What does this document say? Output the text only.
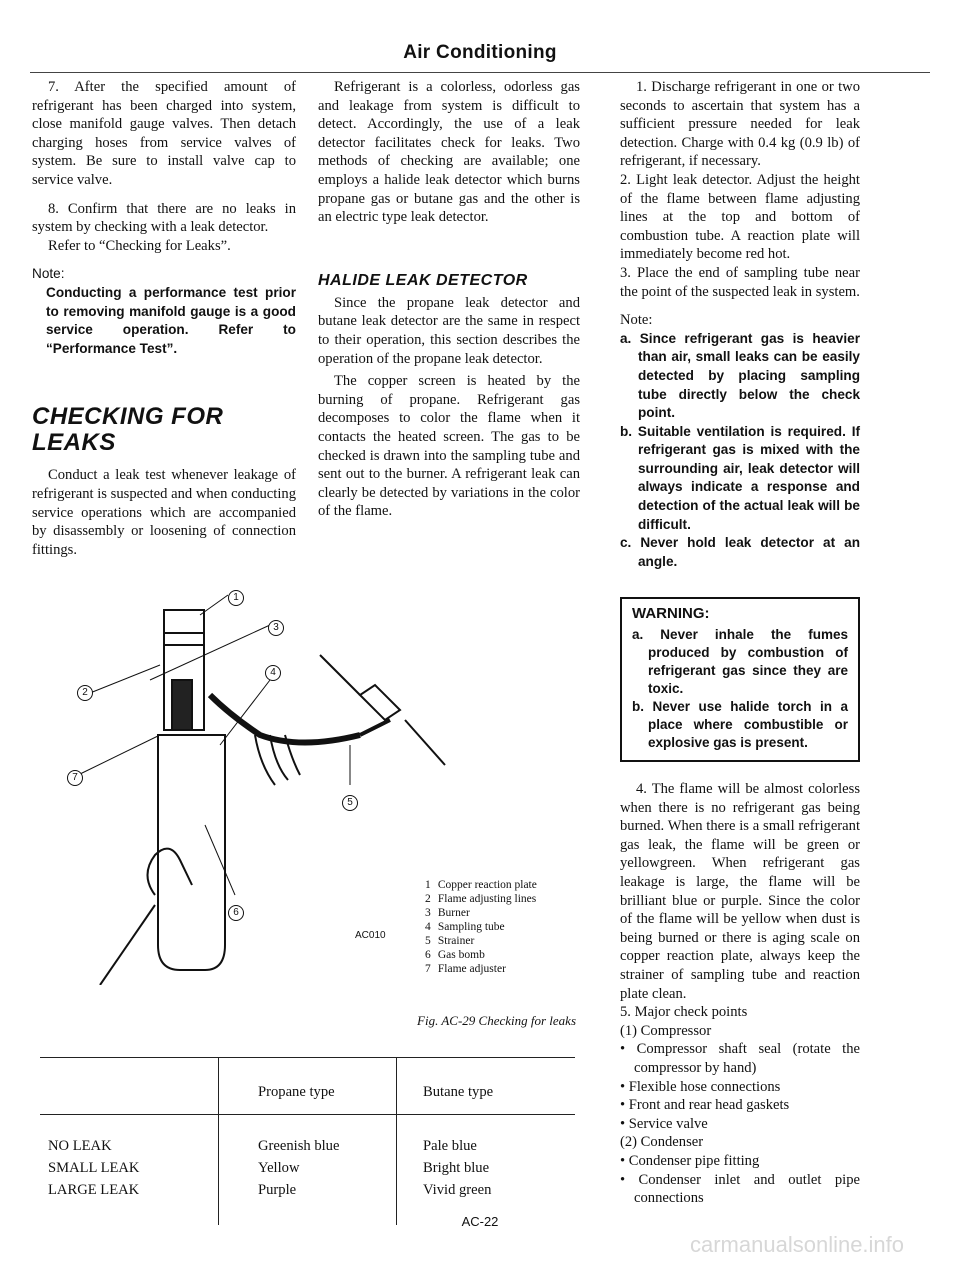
Air Conditioning

7. After the specified amount of refrigerant has been charged into system, close manifold gauge valves. Then detach charging hoses from service valves of system. Be sure to install valve cap to service valve.

8. Confirm that there are no leaks in system by checking with a leak detector.

Refer to “Checking for Leaks”.

Note:
Conducting a performance test prior to removing manifold gauge is a good service operation. Refer to “Performance Test”.
CHECKING FOR
LEAKS

Conduct a leak test whenever leakage of refrigerant is suspected and when conducting service operations which are accompanied by disassembly or loosening of connection fittings.

Refrigerant is a colorless, odorless gas and leakage from system is difficult to detect. Accordingly, the use of a leak detector facilitates check for leaks. Two methods of checking are available; one employs a halide leak detector which burns propane gas or butane gas and the other is an electric type leak detector.

HALIDE LEAK DETECTOR

Since the propane leak detector and butane leak detector are the same in respect to their operation, this section describes the operation of the propane leak detector.

The copper screen is heated by the burning of propane. Refrigerant gas decomposes to color the flame when it contacts the heated screen. The gas to be checked is drawn into the sampling tube and sent out to the burner. A refrigerant leak can clearly be detected by variations in the color of the flame.

1. Discharge refrigerant in one or two seconds to ascertain that system has a sufficient pressure needed for leak detection. Charge with 0.4 kg (0.9 lb) of refrigerant, if necessary.

2. Light leak detector. Adjust the height of the flame between flame adjusting lines at the top and bottom of combustion tube. A reaction plate will immediately become red hot.

3. Place the end of sampling tube near the point of the suspected leak in system.

Note:
a. Since refrigerant gas is heavier than air, small leaks can be easily detected by placing sampling tube directly below the check point.
b. Suitable ventilation is required. If refrigerant gas is mixed with the surrounding air, leak detector will always indicate a response and detection of the actual leak will be difficult.
c. Never hold leak detector at an angle.
WARNING:
a. Never inhale the fumes produced by combustion of refrigerant gas since they are toxic.
b. Never use halide torch in a place where combustible or explosive gas is present.

4. The flame will be almost colorless when there is no refrigerant gas being burned. When there is a small refrigerant gas leak, the flame will be green or yellowgreen. When refrigerant gas leakage is large, the flame will be brilliant blue or purple. Since the color of the flame will be yellow when dust is being burned or there is aging scale on copper reaction plate, always keep the strainer of sampling tube and reaction plate clean.

5. Major check points

(1) Compressor

• Compressor shaft seal (rotate the compressor by hand)
• Flexible hose connections
• Front and rear head gaskets
• Service valve

(2) Condenser

• Condenser pipe fitting
• Condenser inlet and outlet pipe connections
1
2
3
4
5
6
7
AC010
1 Copper reaction plate
2 Flame adjusting lines
3 Burner
4 Sampling tube
5 Strainer
6 Gas bomb
7 Flame adjuster
Fig. AC-29 Checking for leaks
Propane type	Butane type
NO LEAK
SMALL LEAK
LARGE LEAK
Greenish blue
Yellow
Purple
Pale blue
Bright blue
Vivid green
AC-22
carmanualsonline.info
